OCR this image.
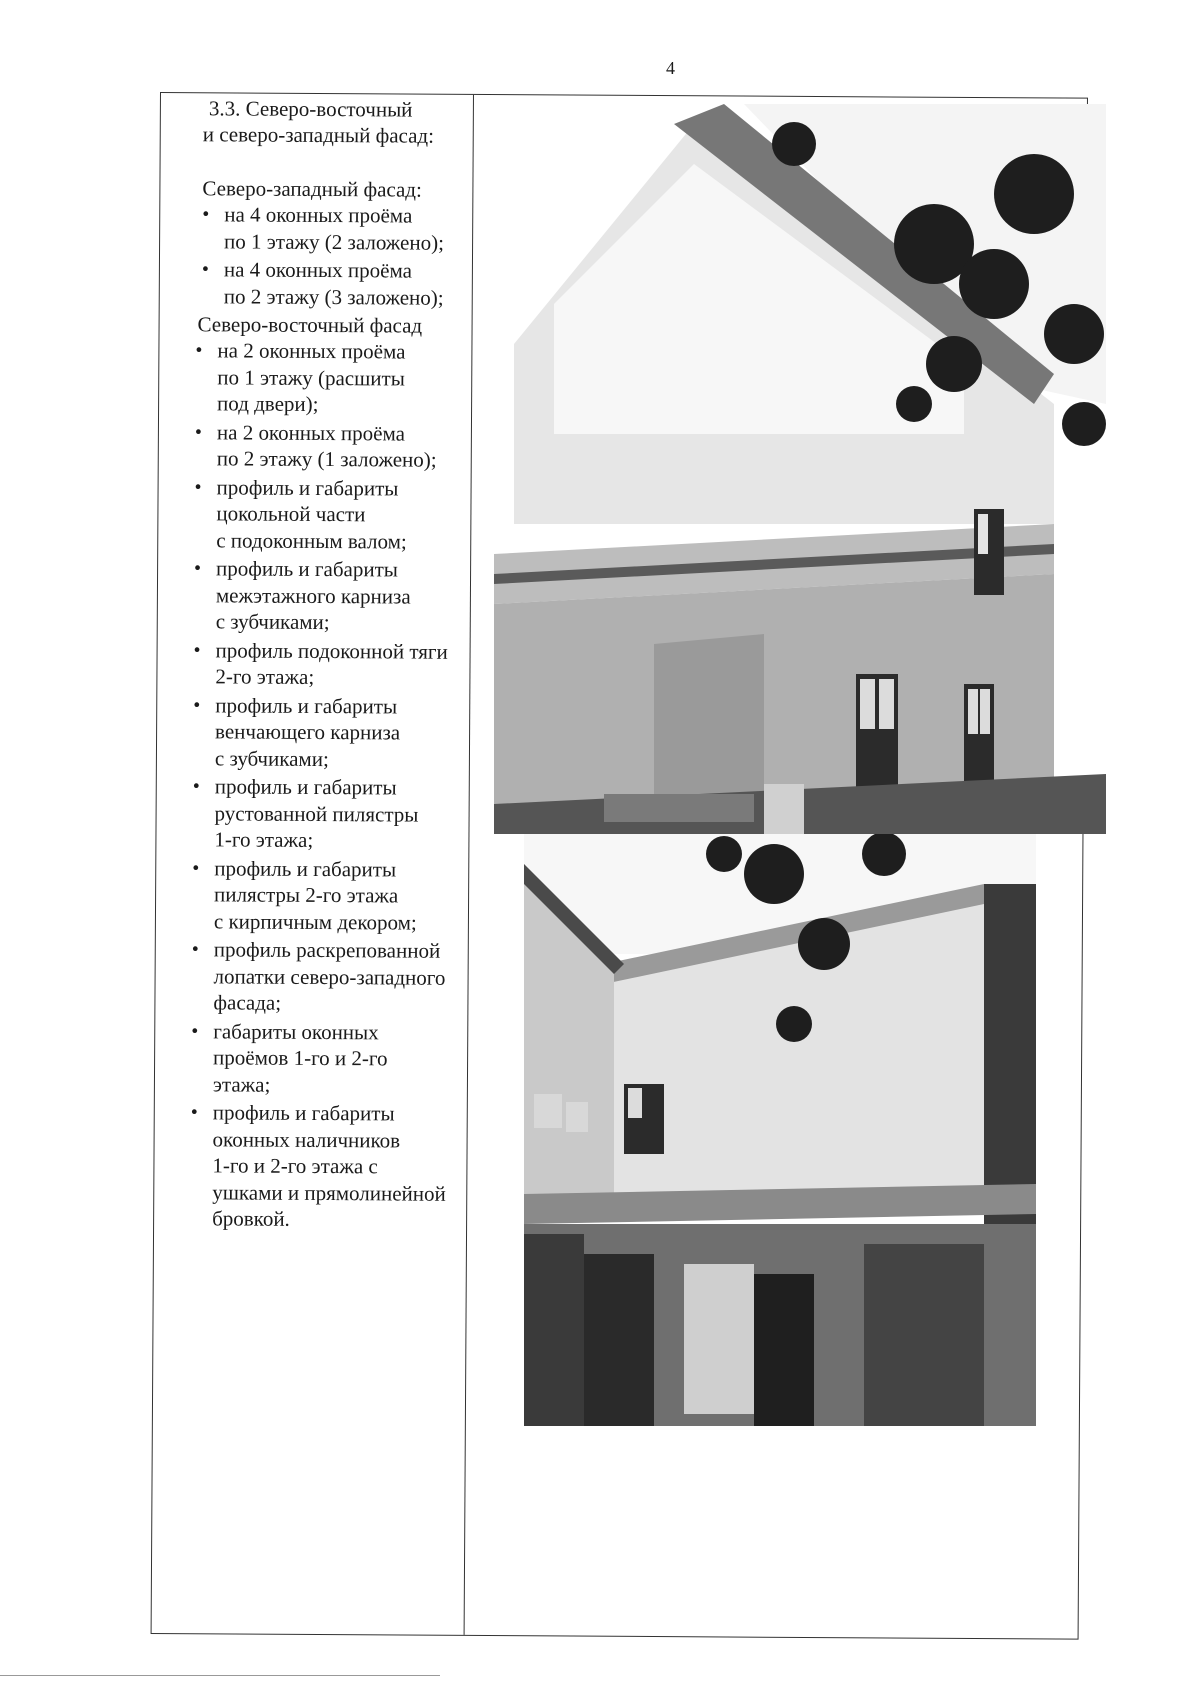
4

3.3. Северо-восточный
и северо-западный фасад:

Северо-западный фасад:

• на 4 оконных проёма
по 1 этажу (2 заложено);
• на 4 оконных проёма
по 2 этажу (3 заложено);

Северо-восточный фасад

• на 2 оконных проёма
по 1 этажу (расшиты
под двери);
• на 2 оконных проёма
по 2 этажу (1 заложено);
• профиль и габариты
цокольной части
с подоконным валом;
• профиль и габариты
межэтажного карниза
с зубчиками;
• профиль подоконной тяги
2-го этажа;
• профиль и габариты
венчающего карниза
с зубчиками;
• профиль и габариты
рустованной пилястры
1-го этажа;
• профиль и габариты
пилястры 2-го этажа
с кирпичным декором;
• профиль раскрепованной
лопатки северо-западного
фасада;
• габариты оконных
проёмов 1-го и 2-го
этажа;
• профиль и габариты
оконных наличников
1-го и 2-го этажа с
ушками и прямолинейной
бровкой.
